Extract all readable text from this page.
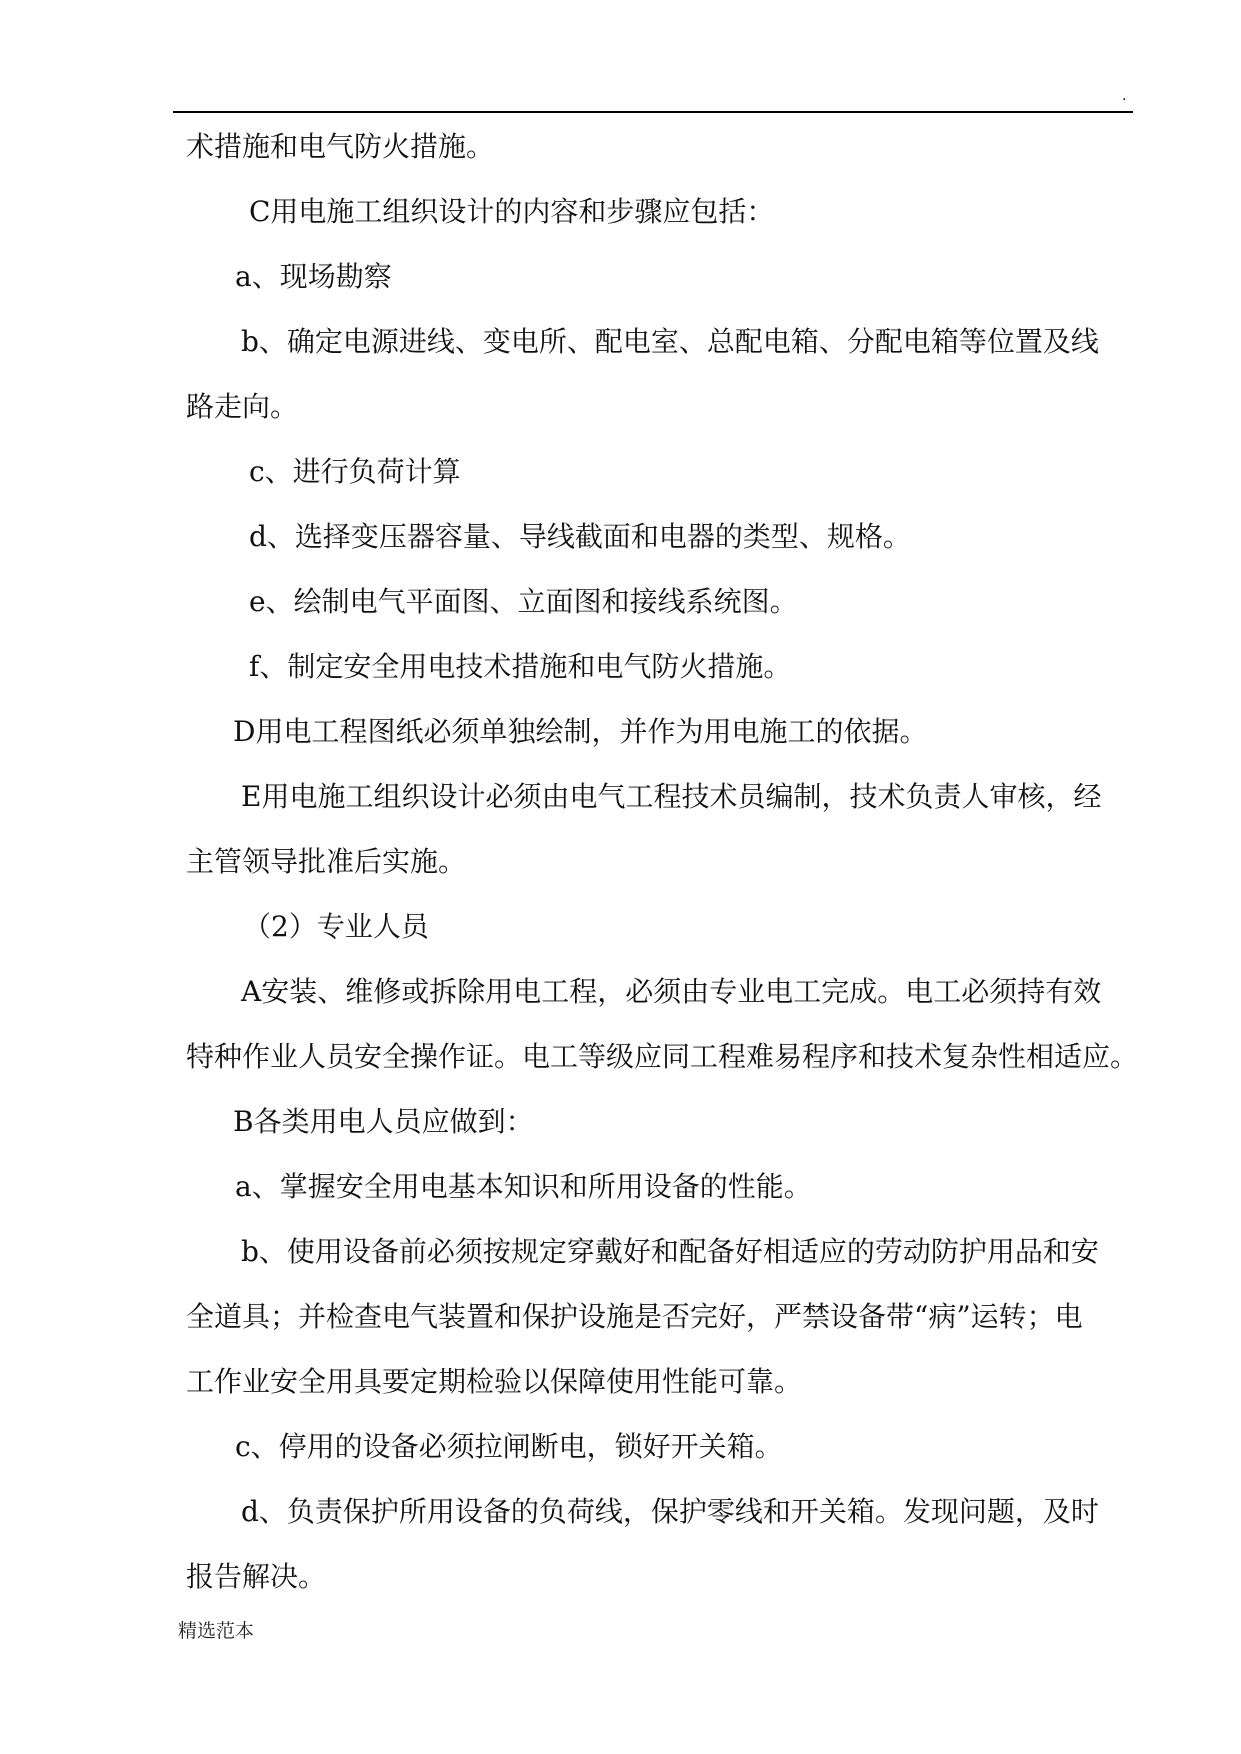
.
术措施和电气防火措施。
C用电施工组织设计的内容和步骤应包括：
a、现场勘察
b、确定电源进线、变电所、配电室、总配电箱、分配电箱等位置及线
路走向。
c、进行负荷计算
d、选择变压器容量、导线截面和电器的类型、规格。
e、绘制电气平面图、立面图和接线系统图。
f、制定安全用电技术措施和电气防火措施。
D用电工程图纸必须单独绘制，并作为用电施工的依据。
E用电施工组织设计必须由电气工程技术员编制，技术负责人审核，经
主管领导批准后实施。
（2）专业人员
A安装、维修或拆除用电工程，必须由专业电工完成。电工必须持有效
特种作业人员安全操作证。电工等级应同工程难易程序和技术复杂性相适应。
B各类用电人员应做到：
a、掌握安全用电基本知识和所用设备的性能。
b、使用设备前必须按规定穿戴好和配备好相适应的劳动防护用品和安
全道具；并检查电气装置和保护设施是否完好，严禁设备带“病”运转；电
工作业安全用具要定期检验以保障使用性能可靠。
c、停用的设备必须拉闸断电，锁好开关箱。
d、负责保护所用设备的负荷线，保护零线和开关箱。发现问题，及时
报告解决。
精选范本
